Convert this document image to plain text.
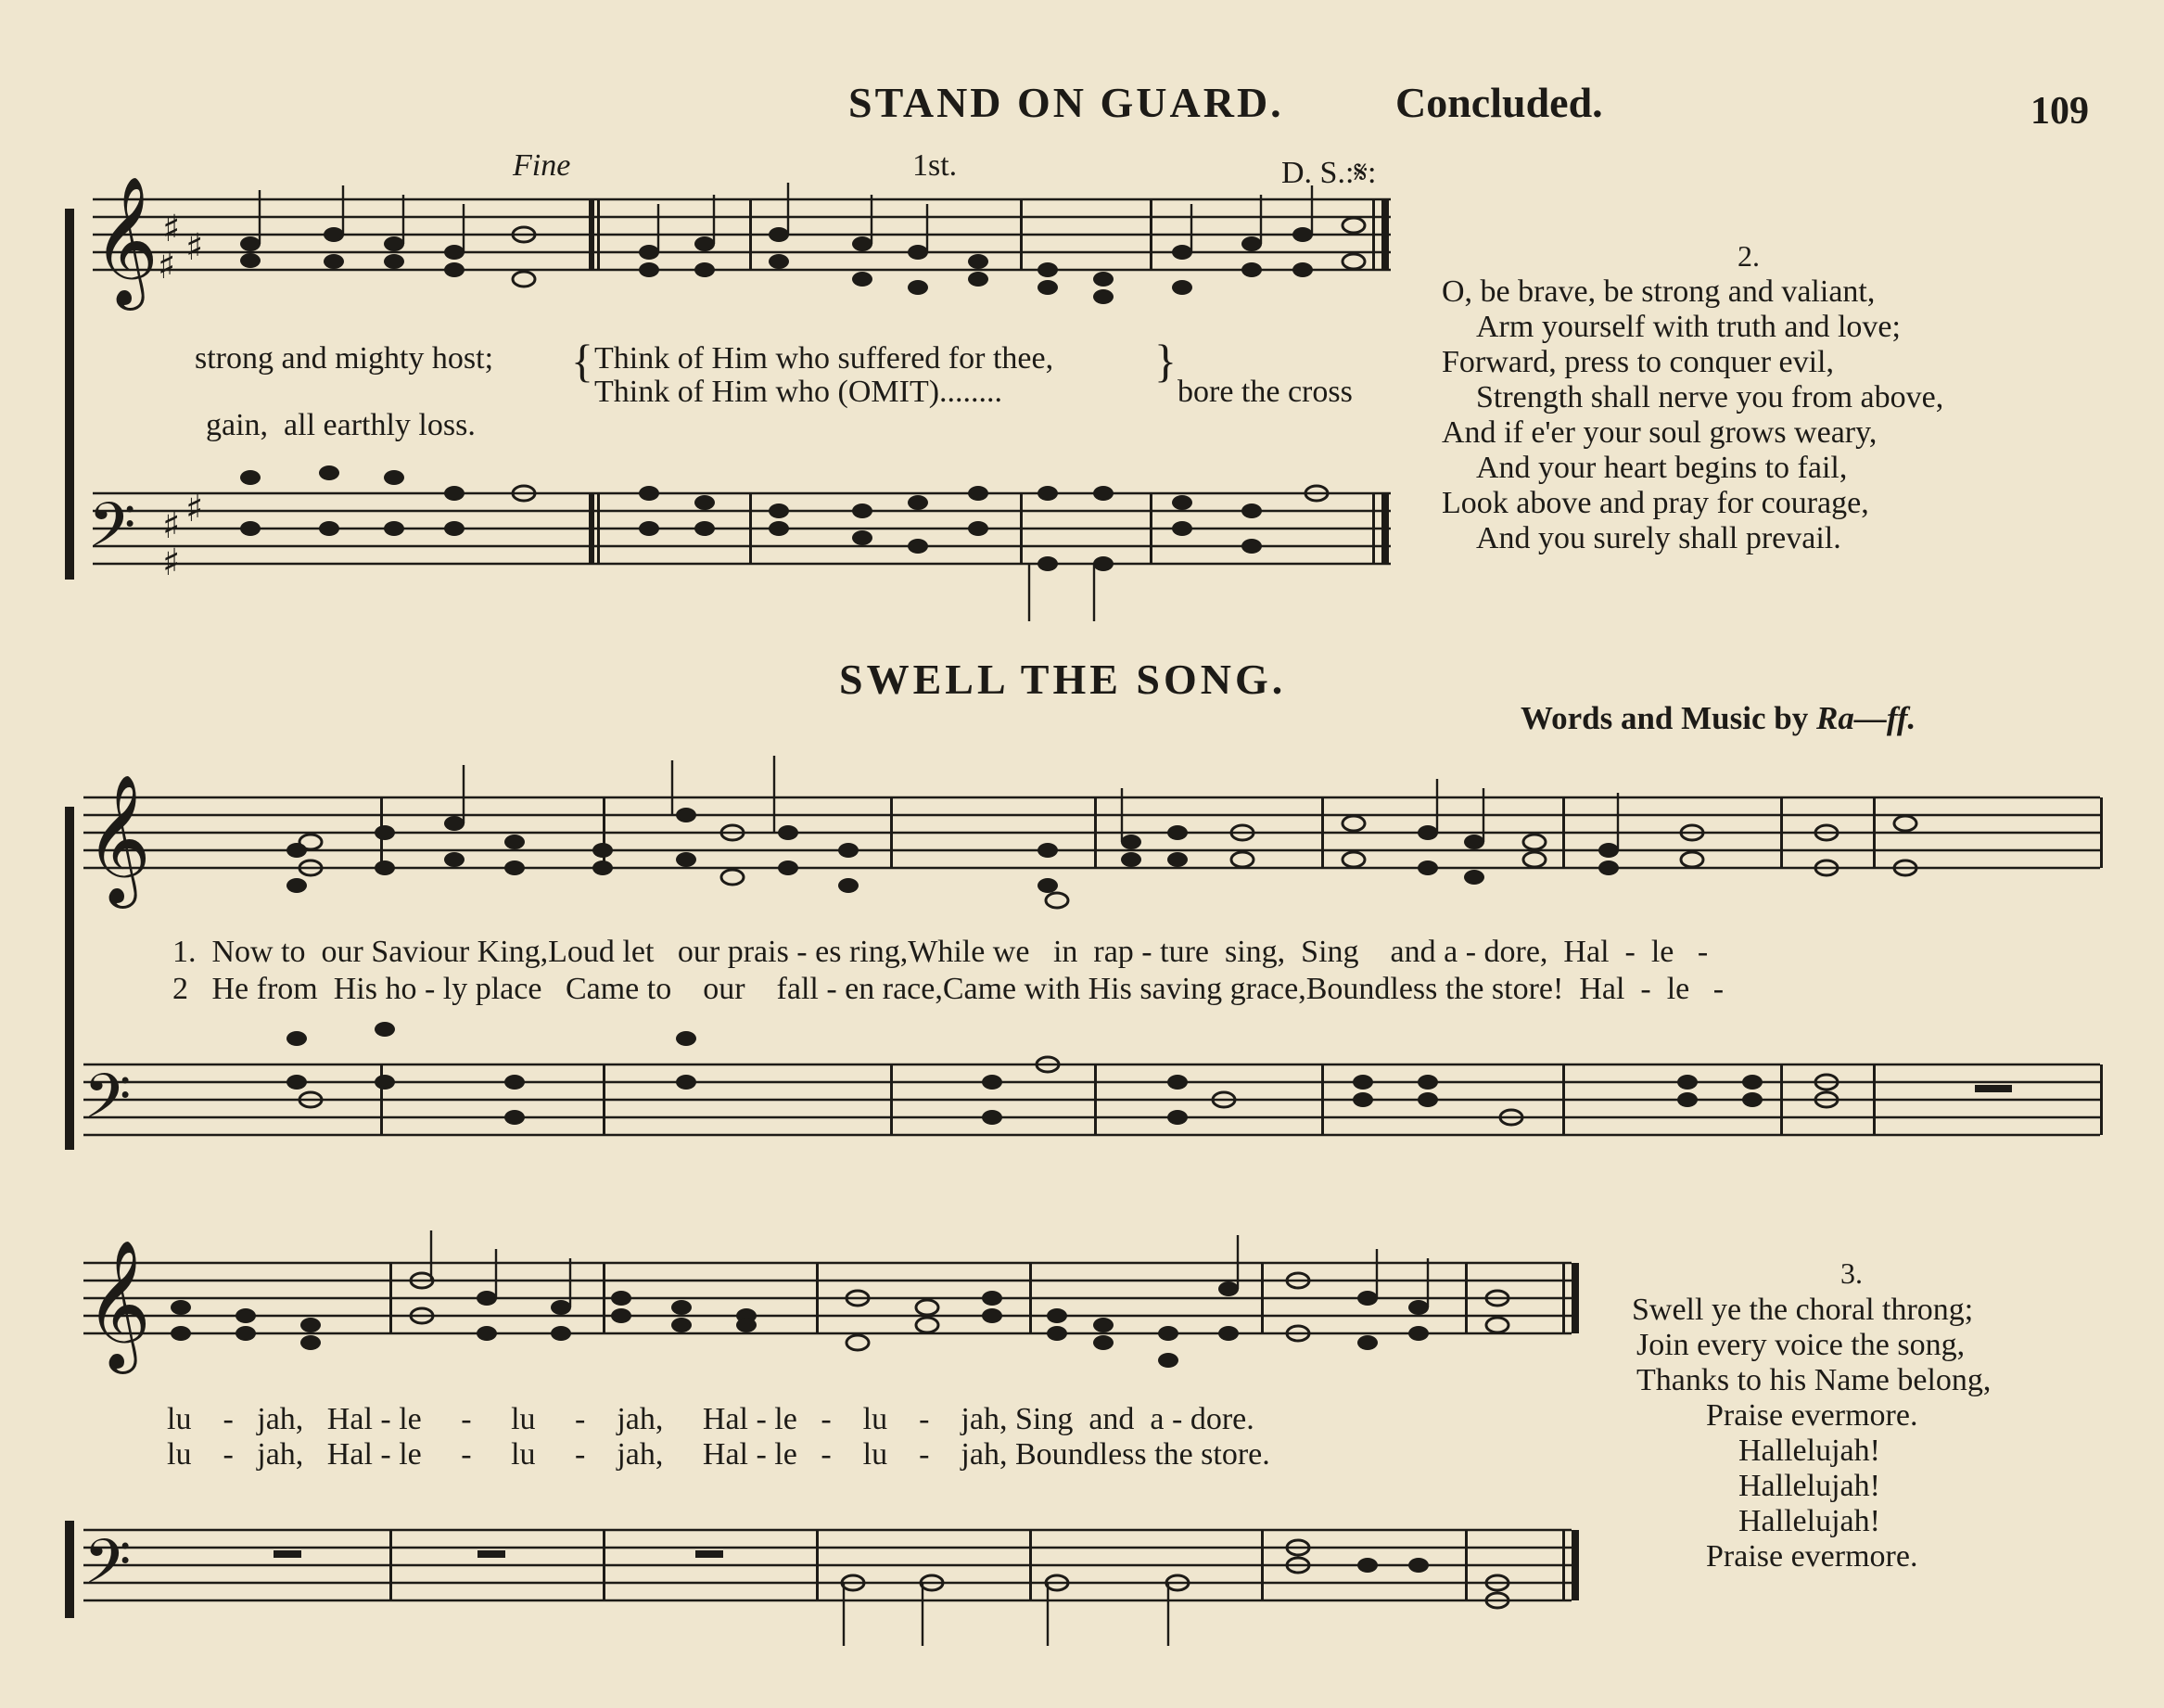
STAND ON GUARD.	Concluded.	109
Fine	1st.	D. S.:𝄋:
𝄞 ♯ ♯
♯
strong and mighty host; { Think of Him who suffered for thee,
Think of Him who (OMIT)........
}
bore the cross
gain,  all earthly loss.
𝄢 ♯ ♯
♯
2.
O, be brave, be strong and valiant,
Arm yourself with truth and love;
Forward, press to conquer evil,
Strength shall nerve you from above,
And if e'er your soul grows weary,
And your heart begins to fail,
Look above and pray for courage,
And you surely shall prevail.
SWELL THE SONG.
Words and Music by Ra—ff.
𝄞
1.  Now to  our Saviour King,Loud let   our prais - es ring,While we   in  rap - ture  sing,  Sing    and a - dore,  Hal  -  le   -
2   He from  His ho - ly place   Came to    our    fall - en race,Came with His saving grace,Boundless the store!  Hal  -  le   -
𝄢
𝄞
lu    -   jah,   Hal - le     -     lu     -    jah,     Hal - le   -    lu    -    jah, Sing  and  a - dore.
lu    -   jah,   Hal - le     -     lu     -    jah,     Hal - le   -    lu    -    jah, Boundless the store.
𝄢
3.
Swell ye the choral throng;
Join every voice the song,
Thanks to his Name belong,
Praise evermore.
Hallelujah!
Hallelujah!
Hallelujah!
Praise evermore.
